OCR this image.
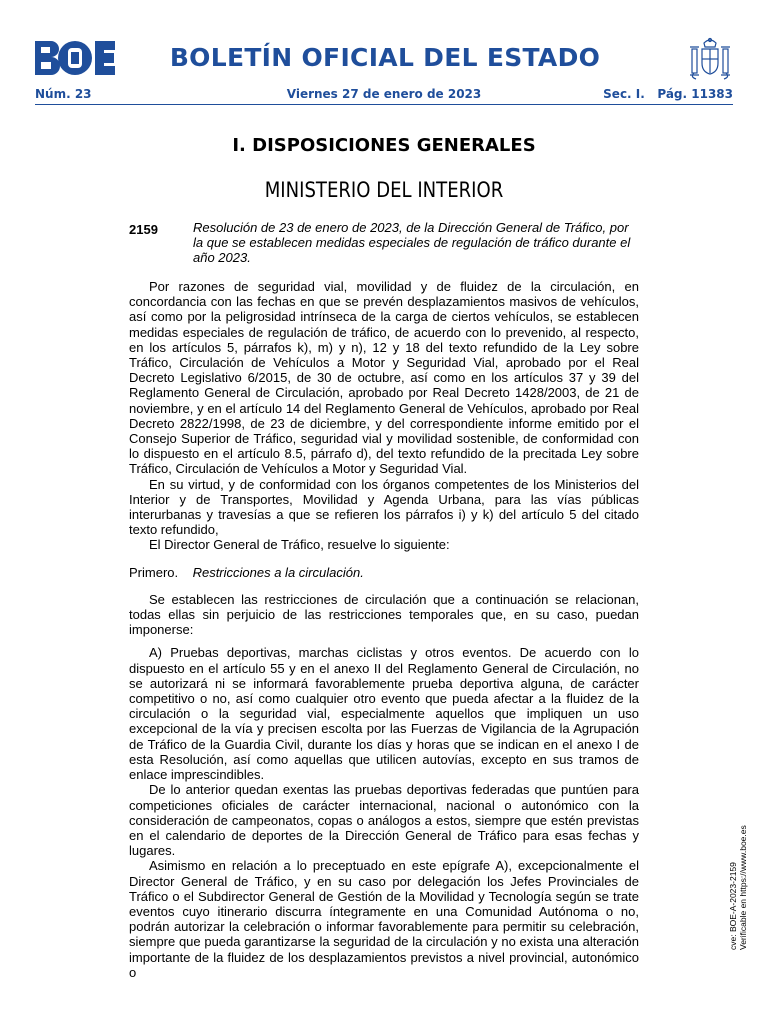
BOLETÍN OFICIAL DEL ESTADO
Núm. 23	Viernes 27 de enero de 2023	Sec. I.   Pág. 11383
I. DISPOSICIONES GENERALES
MINISTERIO DEL INTERIOR
2159	Resolución de 23 de enero de 2023, de la Dirección General de Tráfico, por la que se establecen medidas especiales de regulación de tráfico durante el año 2023.

Por razones de seguridad vial, movilidad y de fluidez de la circulación, en concordancia con las fechas en que se prevén desplazamientos masivos de vehículos, así como por la peligrosidad intrínseca de la carga de ciertos vehículos, se establecen medidas especiales de regulación de tráfico, de acuerdo con lo prevenido, al respecto, en los artículos 5, párrafos k), m) y n), 12 y 18 del texto refundido de la Ley sobre Tráfico, Circulación de Vehículos a Motor y Seguridad Vial, aprobado por el Real Decreto Legislativo 6/2015, de 30 de octubre, así como en los artículos 37 y 39 del Reglamento General de Circulación, aprobado por Real Decreto 1428/2003, de 21 de noviembre, y en el artículo 14 del Reglamento General de Vehículos, aprobado por Real Decreto 2822/1998, de 23 de diciembre, y del correspondiente informe emitido por el Consejo Superior de Tráfico, seguridad vial y movilidad sostenible, de conformidad con lo dispuesto en el artículo 8.5, párrafo d), del texto refundido de la precitada Ley sobre Tráfico, Circulación de Vehículos a Motor y Seguridad Vial.

En su virtud, y de conformidad con los órganos competentes de los Ministerios del Interior y de Transportes, Movilidad y Agenda Urbana, para las vías públicas interurbanas y travesías a que se refieren los párrafos i) y k) del artículo 5 del citado texto refundido,

El Director General de Tráfico, resuelve lo siguiente:

Primero. Restricciones a la circulación.

Se establecen las restricciones de circulación que a continuación se relacionan, todas ellas sin perjuicio de las restricciones temporales que, en su caso, puedan imponerse:

A) Pruebas deportivas, marchas ciclistas y otros eventos. De acuerdo con lo dispuesto en el artículo 55 y en el anexo II del Reglamento General de Circulación, no se autorizará ni se informará favorablemente prueba deportiva alguna, de carácter competitivo o no, así como cualquier otro evento que pueda afectar a la fluidez de la circulación o la seguridad vial, especialmente aquellos que impliquen un uso excepcional de la vía y precisen escolta por las Fuerzas de Vigilancia de la Agrupación de Tráfico de la Guardia Civil, durante los días y horas que se indican en el anexo I de esta Resolución, así como aquellas que utilicen autovías, excepto en sus tramos de enlace imprescindibles.

De lo anterior quedan exentas las pruebas deportivas federadas que puntúen para competiciones oficiales de carácter internacional, nacional o autonómico con la consideración de campeonatos, copas o análogos a estos, siempre que estén previstas en el calendario de deportes de la Dirección General de Tráfico para esas fechas y lugares.

Asimismo en relación a lo preceptuado en este epígrafe A), excepcionalmente el Director General de Tráfico, y en su caso por delegación los Jefes Provinciales de Tráfico o el Subdirector General de Gestión de la Movilidad y Tecnología según se trate eventos cuyo itinerario discurra íntegramente en una Comunidad Autónoma o no, podrán autorizar la celebración o informar favorablemente para permitir su celebración, siempre que pueda garantizarse la seguridad de la circulación y no exista una alteración importante de la fluidez de los desplazamientos previstos a nivel provincial, autonómico o

cve: BOE-A-2023-2159 Verificable en https://www.boe.es
